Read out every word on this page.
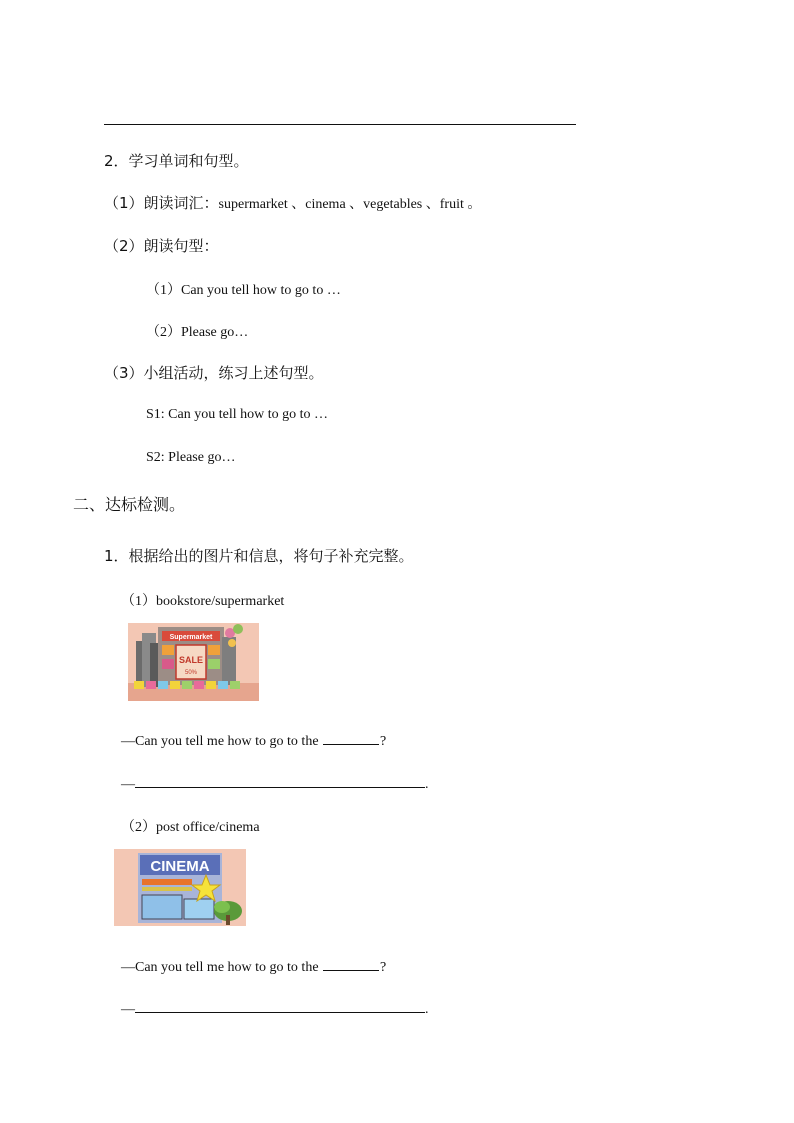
2．学习单词和句型。
（1）朗读词汇：supermarket 、cinema 、vegetables 、fruit 。
（2）朗读句型：
（1）Can you tell how to go to …
（2）Please go…
（3）小组活动，练习上述句型。
S1: Can you tell how to go to …
S2: Please go…
二、达标检测。
1．根据给出的图片和信息，将句子补充完整。
（1）bookstore/supermarket
Supermarket
SALE
50%
—Can you tell me how to go to the	?
—	.
（2）post office/cinema
CINEMA
—Can you tell me how to go to the	?
—	.
